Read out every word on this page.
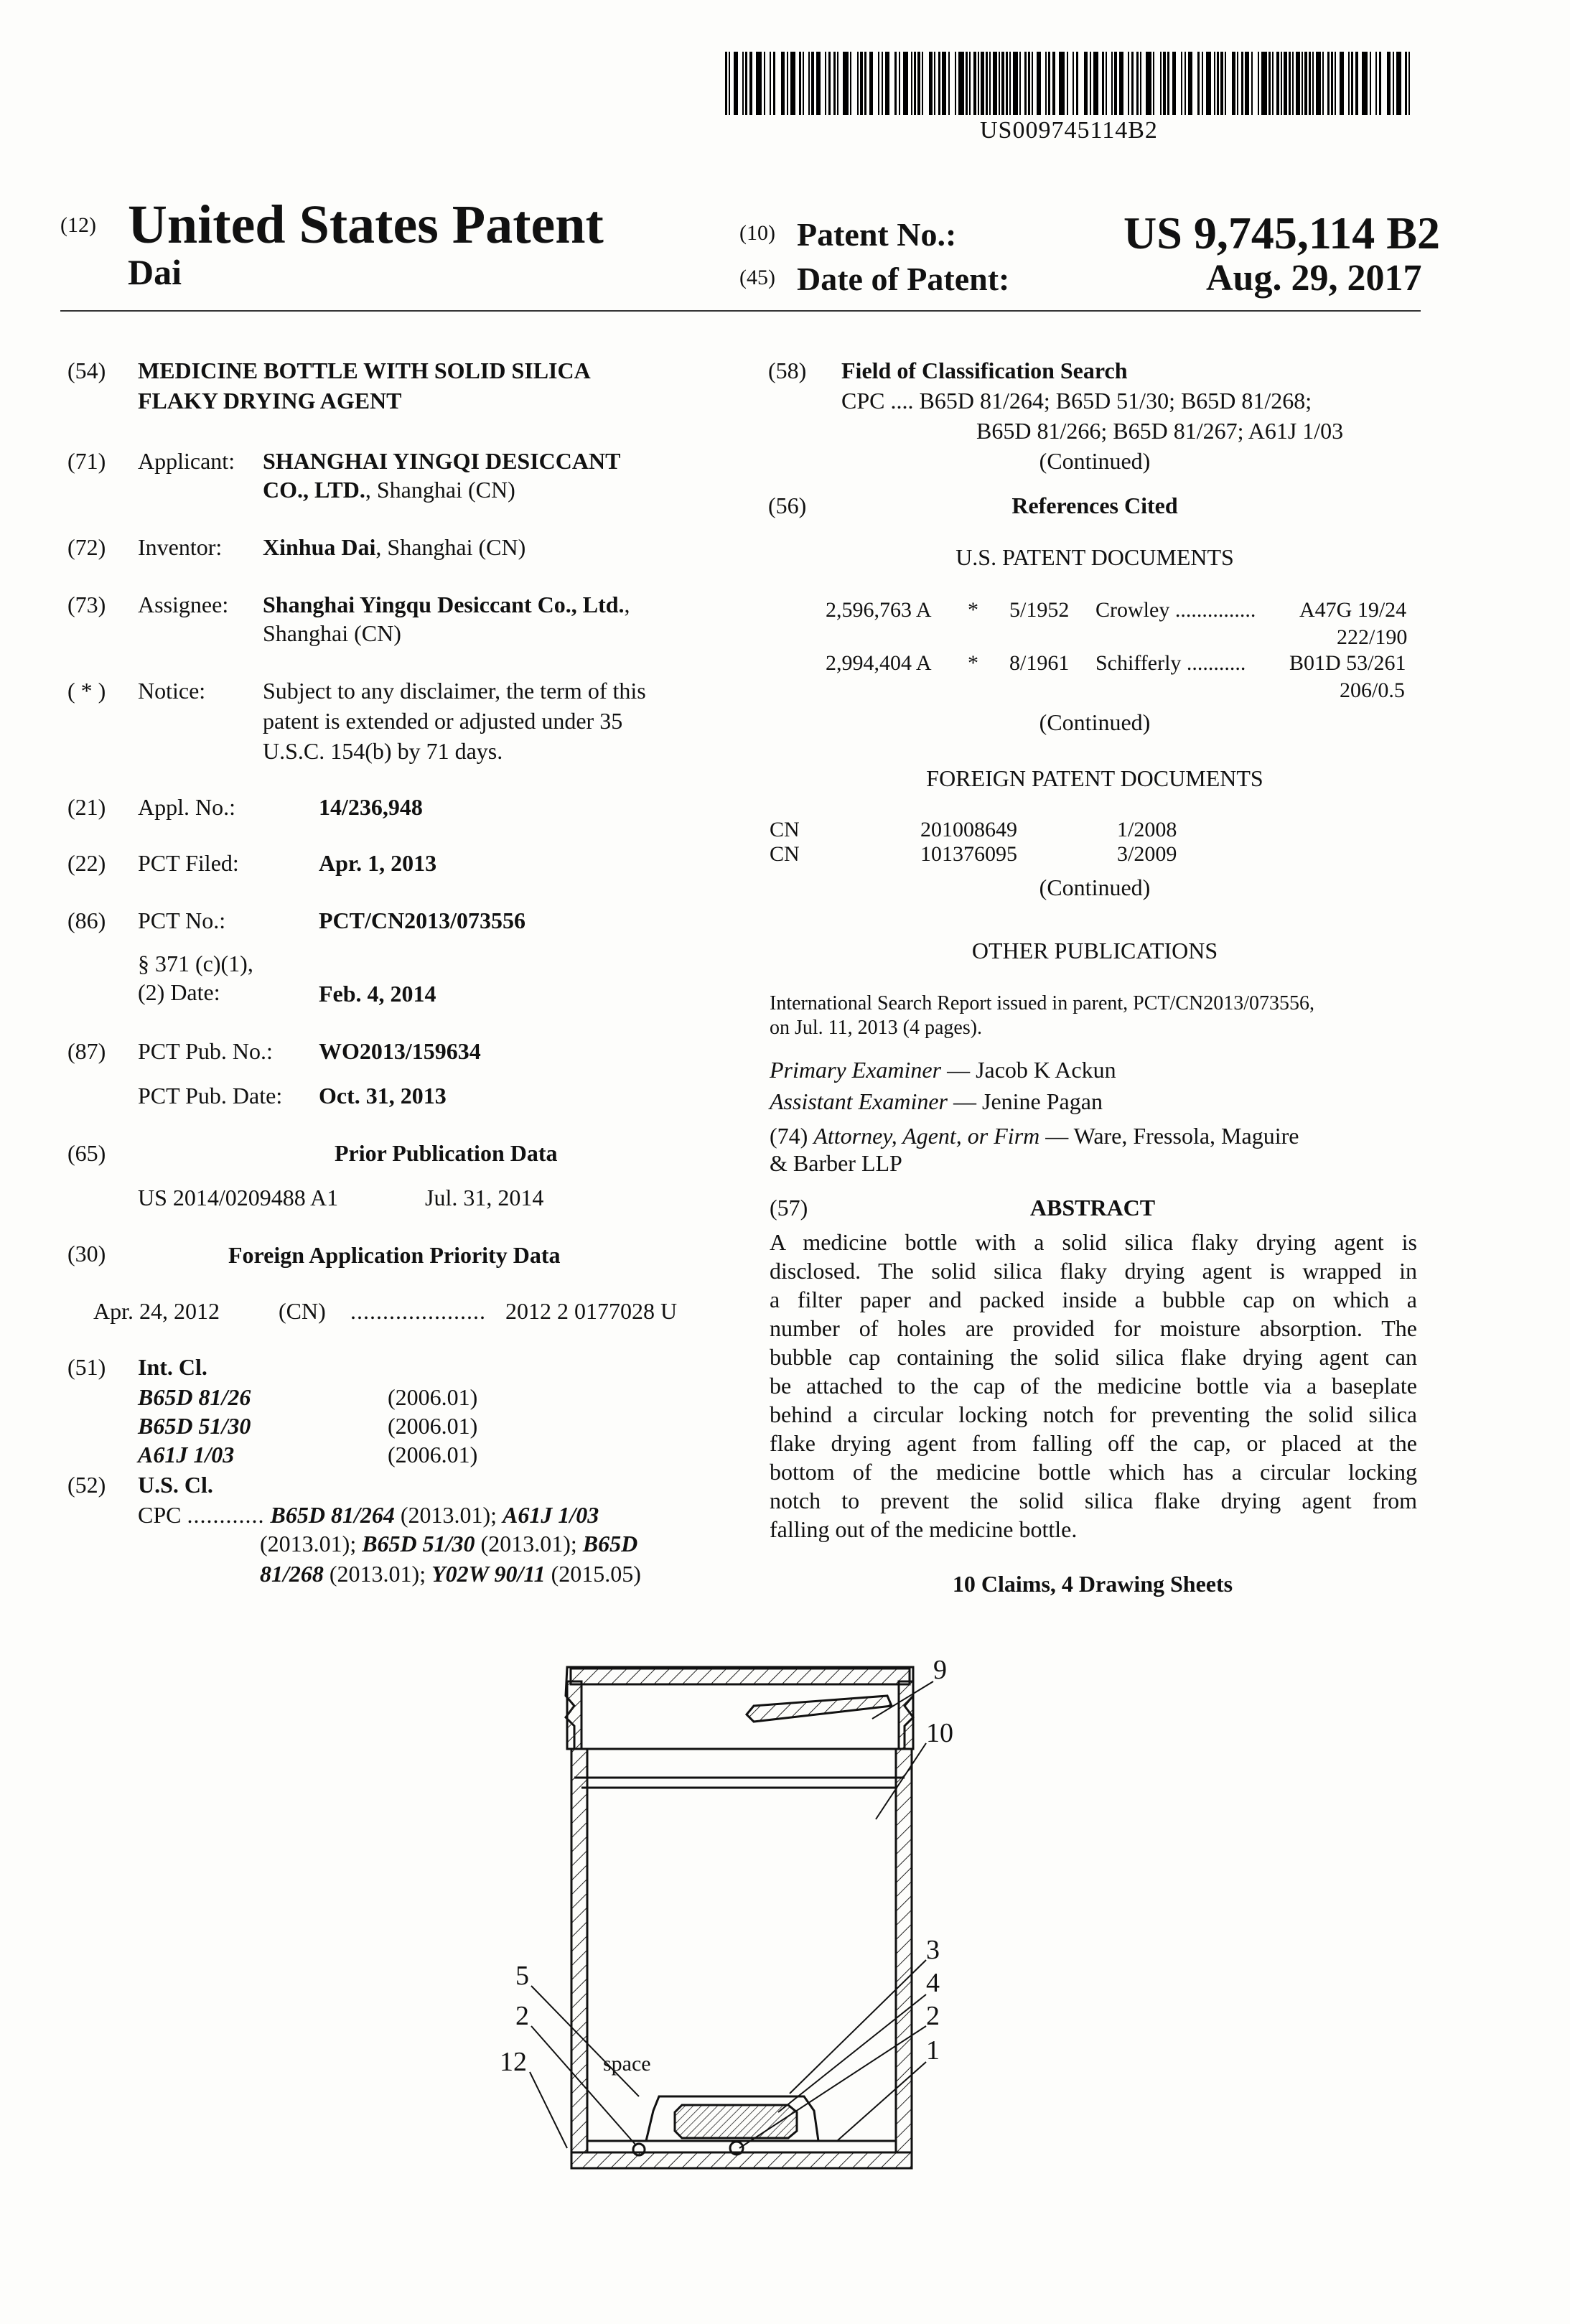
US009745114B2
(12) United States Patent
Dai
(10) Patent No.:	US 9,745,114 B2
(45) Date of Patent:	Aug. 29, 2017
(54) MEDICINE BOTTLE WITH SOLID SILICA
FLAKY DRYING AGENT
(71) Applicant: SHANGHAI YINGQI DESICCANT
CO., LTD., Shanghai (CN)
(72) Inventor: Xinhua Dai, Shanghai (CN)
(73) Assignee: Shanghai Yingqu Desiccant Co., Ltd.,
Shanghai (CN)
( * ) Notice: Subject to any disclaimer, the term of this
patent is extended or adjusted under 35
U.S.C. 154(b) by 71 days.
(21) Appl. No.:	14/236,948
(22) PCT Filed:	Apr. 1, 2013
(86) PCT No.:	PCT/CN2013/073556
§ 371 (c)(1),
(2) Date:	Feb. 4, 2014
(87) PCT Pub. No.: WO2013/159634
PCT Pub. Date: Oct. 31, 2013
(65)	Prior Publication Data
US 2014/0209488 A1	Jul. 31, 2014
(30)	Foreign Application Priority Data
Apr. 24, 2012	(CN) ..................... 2012 2 0177028 U
(51) Int. Cl.
B65D 81/26	(2006.01)
B65D 51/30	(2006.01)
A61J 1/03	(2006.01)
(52) U.S. Cl.
CPC ............ B65D 81/264 (2013.01); A61J 1/03
(2013.01); B65D 51/30 (2013.01); B65D
81/268 (2013.01); Y02W 90/11 (2015.05)
(58) Field of Classification Search
CPC .... B65D 81/264; B65D 51/30; B65D 81/268;
B65D 81/266; B65D 81/267; A61J 1/03
(Continued)
(56)	References Cited
U.S. PATENT DOCUMENTS
2,596,763 A * 5/1952 Crowley ............... A47G 19/24
222/190
2,994,404 A * 8/1961 Schifferly ........... B01D 53/261
206/0.5
(Continued)
FOREIGN PATENT DOCUMENTS
CN	201008649	1/2008
CN	101376095	3/2009
(Continued)
OTHER PUBLICATIONS
International Search Report issued in parent, PCT/CN2013/073556,
on Jul. 11, 2013 (4 pages).
Primary Examiner — Jacob K Ackun
Assistant Examiner — Jenine Pagan
(74) Attorney, Agent, or Firm — Ware, Fressola, Maguire
& Barber LLP
(57)	ABSTRACT
A medicine bottle with a solid silica flaky drying agent is
disclosed. The solid silica flaky drying agent is wrapped in
a filter paper and packed inside a bubble cap on which a
number of holes are provided for moisture absorption. The
bubble cap containing the solid silica flake drying agent can
be attached to the cap of the medicine bottle via a baseplate
behind a circular locking notch for preventing the solid silica
flake drying agent from falling off the cap, or placed at the
bottom of the medicine bottle which has a circular locking
notch to prevent the solid silica flake drying agent from
falling out of the medicine bottle.
10 Claims, 4 Drawing Sheets
9
10
3
4
2
1
5
2
12	space
